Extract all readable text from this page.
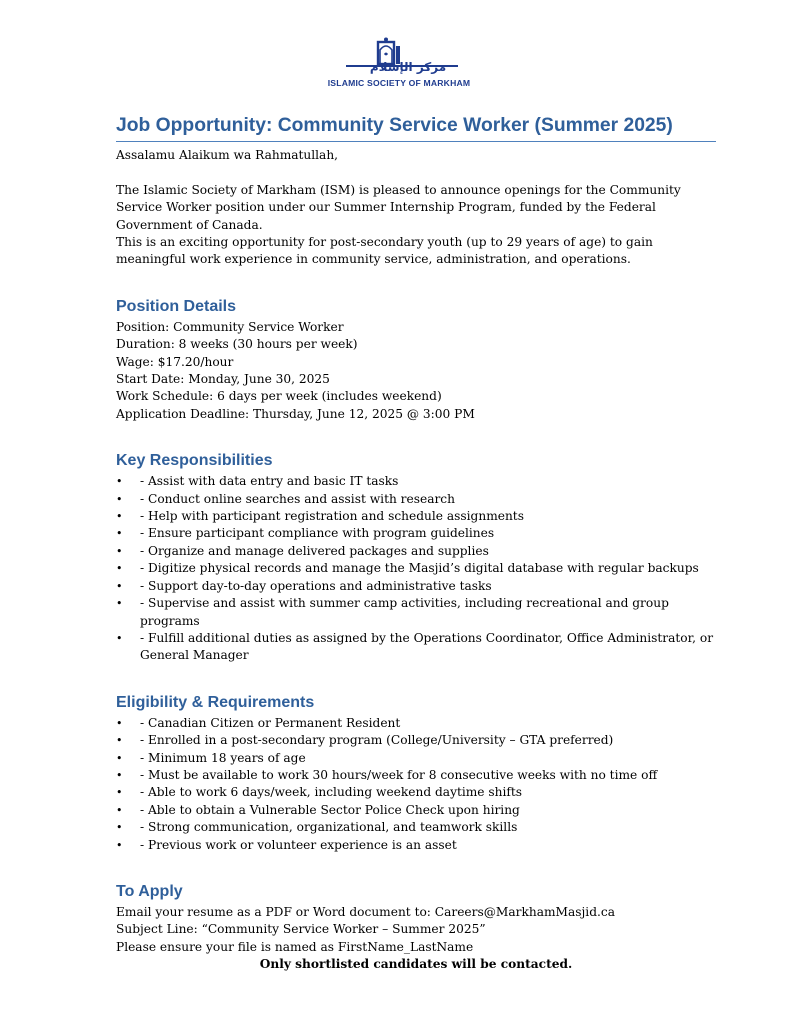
مركز الإسلام
ISLAMIC SOCIETY OF MARKHAM
Job Opportunity: Community Service Worker (Summer 2025)

Assalamu Alaikum wa Rahmatullah,

The Islamic Society of Markham (ISM) is pleased to announce openings for the Community Service Worker position under our Summer Internship Program, funded by the Federal Government of Canada.

This is an exciting opportunity for post-secondary youth (up to 29 years of age) to gain meaningful work experience in community service, administration, and operations.

Position Details

Position: Community Service Worker

Duration: 8 weeks (30 hours per week)

Wage: $17.20/hour

Start Date: Monday, June 30, 2025

Work Schedule: 6 days per week (includes weekend)

Application Deadline: Thursday, June 12, 2025 @ 3:00 PM

Key Responsibilities
• - Assist with data entry and basic IT tasks
• - Conduct online searches and assist with research
• - Help with participant registration and schedule assignments
• - Ensure participant compliance with program guidelines
• - Organize and manage delivered packages and supplies
• - Digitize physical records and manage the Masjid’s digital database with regular backups
• - Support day-to-day operations and administrative tasks
• - Supervise and assist with summer camp activities, including recreational and group programs
• - Fulfill additional duties as assigned by the Operations Coordinator, Office Administrator, or General Manager
Eligibility & Requirements
• - Canadian Citizen or Permanent Resident
• - Enrolled in a post-secondary program (College/University – GTA preferred)
• - Minimum 18 years of age
• - Must be available to work 30 hours/week for 8 consecutive weeks with no time off
• - Able to work 6 days/week, including weekend daytime shifts
• - Able to obtain a Vulnerable Sector Police Check upon hiring
• - Strong communication, organizational, and teamwork skills
• - Previous work or volunteer experience is an asset
To Apply

Email your resume as a PDF or Word document to: Careers@MarkhamMasjid.ca

Subject Line: “Community Service Worker – Summer 2025”

Please ensure your file is named as FirstName_LastName

Only shortlisted candidates will be contacted.
